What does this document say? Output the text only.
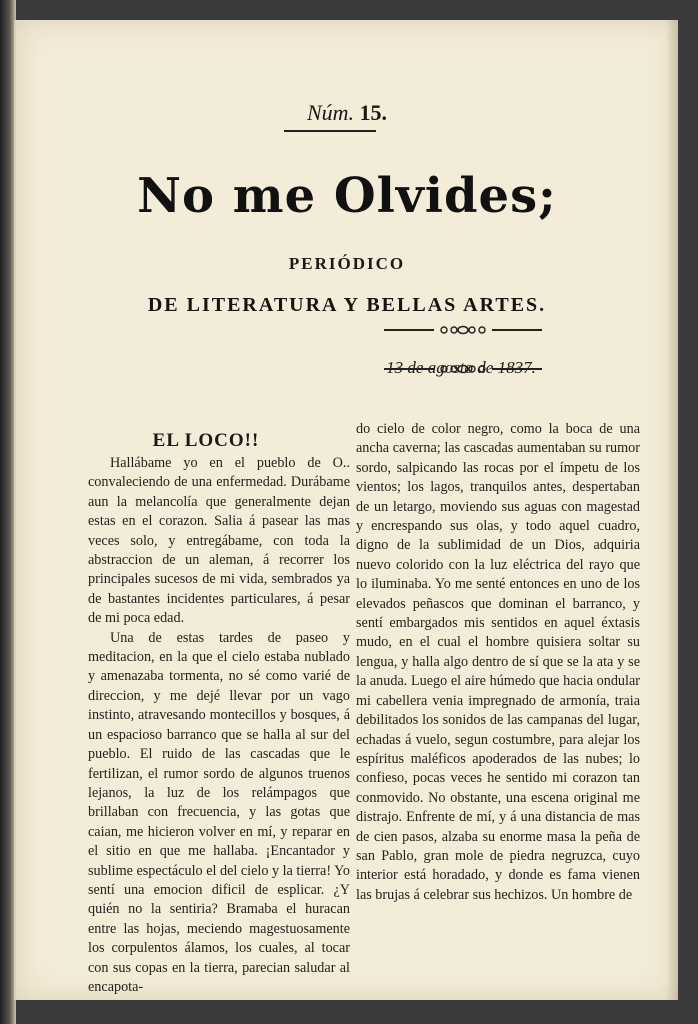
Núm. 15.
No me Olvides;
PERIÓDICO
DE LITERATURA Y BELLAS ARTES.
13 de agosto de 1837.
EL LOCO!!

Hallábame yo en el pueblo de O.. convaleciendo de una enfermedad. Durábame aun la melancolía que generalmente dejan estas en el corazon. Salia á pasear las mas veces solo, y entregábame, con toda la abstraccion de un aleman, á recorrer los principales sucesos de mi vida, sembrados ya de bastantes incidentes particulares, á pesar de mi poca edad.

Una de estas tardes de paseo y meditacion, en la que el cielo estaba nublado y amenazaba tormenta, no sé como varié de direccion, y me dejé llevar por un vago instinto, atravesando montecillos y bosques, á un espacioso barranco que se halla al sur del pueblo. El ruido de las cascadas que le fertilizan, el rumor sordo de algunos truenos lejanos, la luz de los relámpagos que brillaban con frecuencia, y las gotas que caian, me hicieron volver en mí, y reparar en el sitio en que me hallaba. ¡Encantador y sublime espectáculo el del cielo y la tierra! Yo sentí una emocion dificil de esplicar. ¿Y quién no la sentiria? Bramaba el huracan entre las hojas, meciendo magestuosamente los corpulentos álamos, los cuales, al tocar con sus copas en la tierra, parecian saludar al encapota-

do cielo de color negro, como la boca de una ancha caverna; las cascadas aumentaban su rumor sordo, salpicando las rocas por el ímpetu de los vientos; los lagos, tranquilos antes, despertaban de un letargo, moviendo sus aguas con magestad y encrespando sus olas, y todo aquel cuadro, digno de la sublimidad de un Dios, adquiria nuevo colorido con la luz eléctrica del rayo que lo iluminaba. Yo me senté entonces en uno de los elevados peñascos que dominan el barranco, y sentí embargados mis sentidos en aquel éxtasis mudo, en el cual el hombre quisiera soltar su lengua, y halla algo dentro de sí que se la ata y se la anuda. Luego el aire húmedo que hacia ondular mi cabellera venia impregnado de armonía, traia debilitados los sonidos de las campanas del lugar, echadas á vuelo, segun costumbre, para alejar los espíritus maléficos apoderados de las nubes; lo confieso, pocas veces he sentido mi corazon tan conmovido. No obstante, una escena original me distrajo. Enfrente de mí, y á una distancia de mas de cien pasos, alzaba su enorme masa la peña de san Pablo, gran mole de piedra negruzca, cuyo interior está horadado, y donde es fama vienen las brujas á celebrar sus hechizos. Un hombre de
